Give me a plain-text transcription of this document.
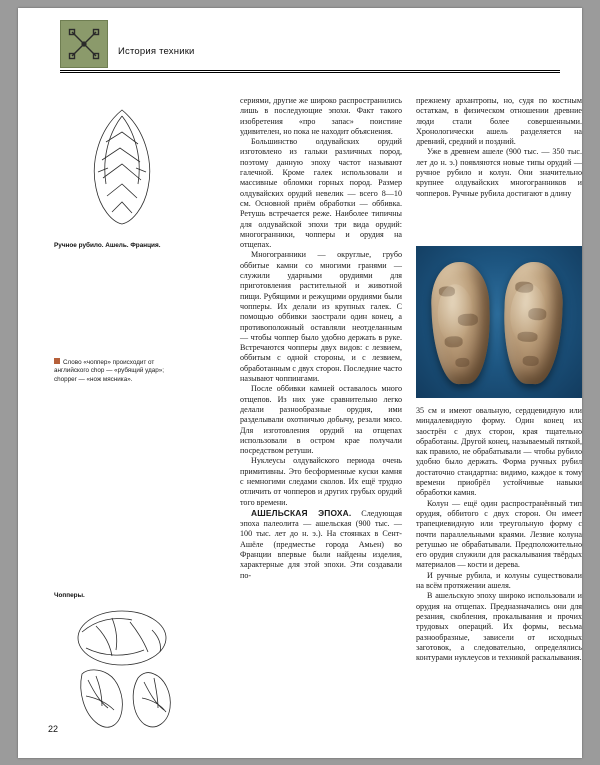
История техники
Ручное рубило. Ашель. Франция.
Слово «чоппер» происходит от английского chop — «рубящий удар»; chopper — «нож мясника».
Чопперы.

сериями, другие же широко распространились лишь в последующие эпохи. Факт такого изобретения «про запас» поистине удивителен, но пока не находит объяснения.

Большинство олдувайских орудий изготовлено из гальки различных пород, поэтому данную эпоху частот называют галечной. Кроме галек использовали и массивные обломки горных пород. Размер олдувайских орудий невелик — всего 8—10 см. Основной приём обработки — оббивка. Ретушь встречается реже. Наиболее типичны для олдувайской эпохи три вида орудий: многогранники, чопперы и орудия на отщепах.

Многогранники — округлые, грубо оббитые камни со многими гранями — служили ударными орудиями для приготовления растительной и животной пищи. Рубящими и режущими орудиями были чопперы. Их делали из крупных галек. С помощью оббивки заострали один конец, а противоположный оставляли неотделанным — чтобы чоппер было удобно держать в руке. Встречаются чопперы двух видов: с лезвием, оббитым с одной стороны, и с лезвием, обработанным с двух сторон. Последние часто называют чоппингами.

После оббивки камней оставалось много отщепов. Из них уже сравнительно легко делали разнообразные орудия, ими разделывали охотничью добычу, резали мясо. Для изготовления орудий на отщепах использовали в остром крае получали посредством ретуши.

Нуклеусы олдувайского периода очень примитивны. Это бесформенные куски камня с немногими следами сколов. Их ещё трудно отличить от чопперов и других грубых орудий того времени.

АШЕЛЬСКАЯ ЭПОХА. Следующая эпоха палеолита — ашельская (900 тыс. — 100 тыс. лет до н. э.). На стоянках в Сент-Ашёле (предместье города Амьен) во Франции впервые были найдены изделия, характерные для этой эпохи. Эти создавали по-

прежнему архантропы, но, судя по костным остаткам, в физическом отношении древние люди стали более совершенными. Хронологически ашель разделяется на древний, средний и поздний.

Уже в древнем ашеле (900 тыс. — 350 тыс. лет до н. э.) появляются новые типы орудий — ручное рубило и колун. Они значительно крупнее олдувайских многогранников и чопперов. Ручные рубила достигают в длину

35 см и имеют овальную, сердцевидную или миндалевидную форму. Один конец их заострён с двух сторон, края тщательно обработаны. Другой конец, называемый пяткой, как правило, не обрабатывали — чтобы рубило удобно было держать. Форма ручных рубил достаточно стандартна: видимо, каждое к тому времени приобрёл устойчивые навыки обработки камня.

Колун — ещё один распространённый тип орудия, оббитого с двух сторон. Он имеет трапециевидную или треугольную форму с почти параллельными краями. Лезвие колуна ретушью не обрабатывали. Предположительно его орудия служили для раскалывания твёрдых материалов — кости и дерева.

И ручные рубила, и колуны существовали на всём протяжении ашеля.

В ашельскую эпоху широко использовали и орудия на отщепах. Предназначались они для резания, скобления, прокалывания и прочих трудовых операций. Их формы, весьма разнообразные, зависели от исходных заготовок, а следовательно, определялись контурами нуклеусов и техникой раскалывания.

22
